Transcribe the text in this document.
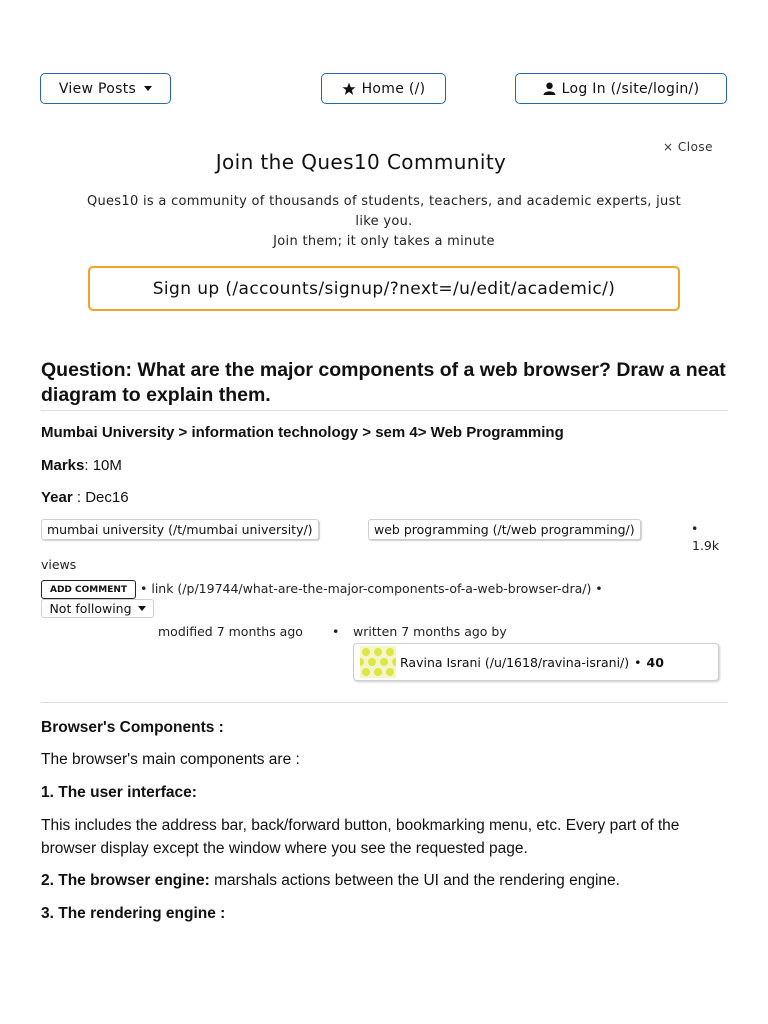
View Posts	Home (/)	Log In (/site/login/)
× Close
Join the Ques10 Community
Ques10 is a community of thousands of students, teachers, and academic experts, just
like you.
Join them; it only takes a minute
Sign up (/accounts/signup/?next=/u/edit/academic/)
Question: What are the major components of a web browser? Draw a neat diagram to explain them.
Mumbai University > information technology > sem 4> Web Programming
Marks: 10M
Year : Dec16
mumbai university (/t/mumbai university/)	web programming (/t/web programming/)	•
1.9k
views
ADD COMMENT	• link (/p/19744/what-are-the-major-components-of-a-web-browser-dra/) •
Not following
modified 7 months ago • written 7 months ago by
Ravina Israni (/u/1618/ravina-israni/) • 40
Browser's Components :
The browser's main components are :
1. The user interface:
This includes the address bar, back/forward button, bookmarking menu, etc. Every part of the browser display except the window where you see the requested page.
2. The browser engine: marshals actions between the UI and the rendering engine.
3. The rendering engine :
